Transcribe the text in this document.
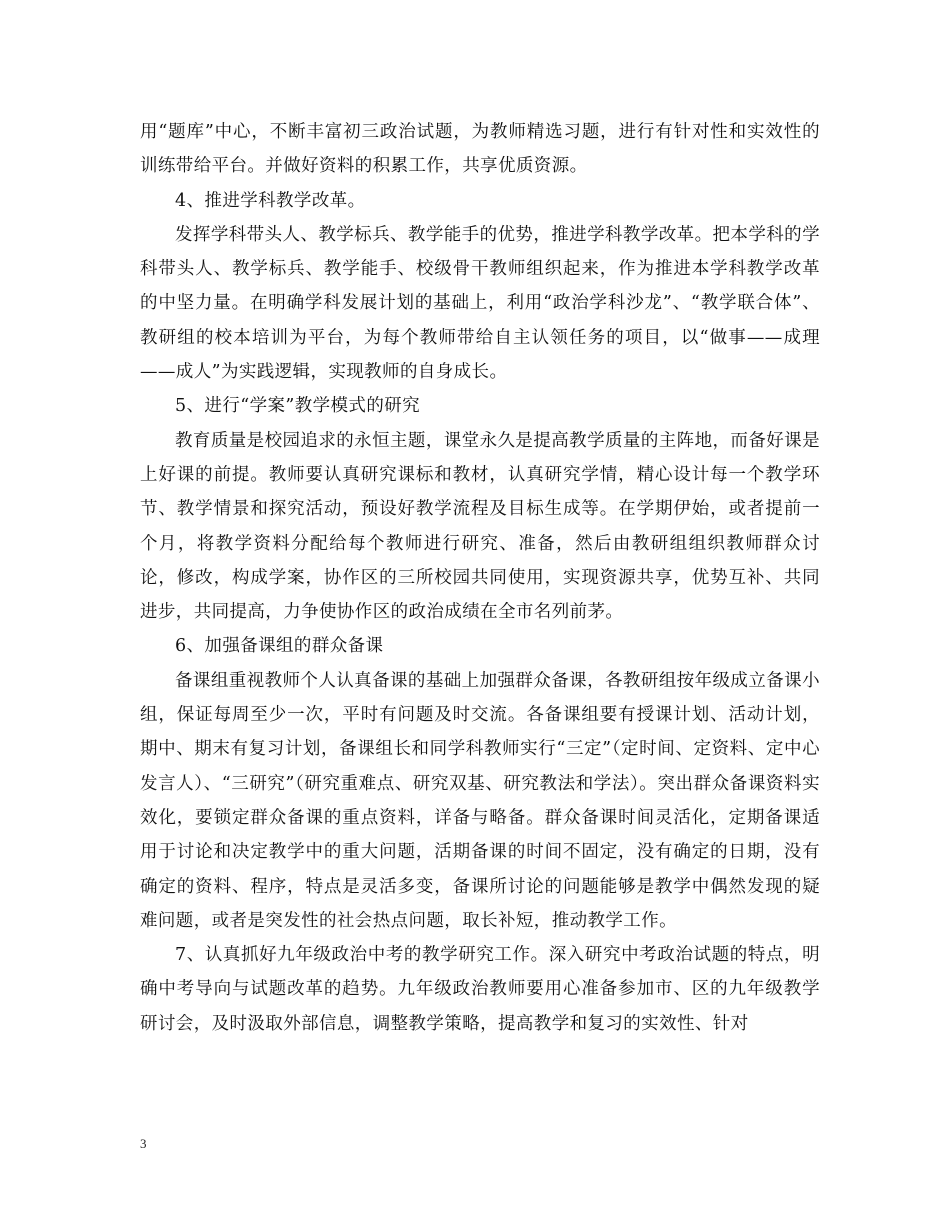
用“题库”中心，不断丰富初三政治试题，为教师精选习题，进行有针对性和实效性的训练带给平台。并做好资料的积累工作，共享优质资源。

4、推进学科教学改革。

发挥学科带头人、教学标兵、教学能手的优势，推进学科教学改革。把本学科的学科带头人、教学标兵、教学能手、校级骨干教师组织起来，作为推进本学科教学改革的中坚力量。在明确学科发展计划的基础上，利用“政治学科沙龙”、“教学联合体”、教研组的校本培训为平台，为每个教师带给自主认领任务的项目，以“做事——成理——成人”为实践逻辑，实现教师的自身成长。

5、进行“学案”教学模式的研究

教育质量是校园追求的永恒主题，课堂永久是提高教学质量的主阵地，而备好课是上好课的前提。教师要认真研究课标和教材，认真研究学情，精心设计每一个教学环节、教学情景和探究活动，预设好教学流程及目标生成等。在学期伊始，或者提前一个月，将教学资料分配给每个教师进行研究、准备，然后由教研组组织教师群众讨论，修改，构成学案，协作区的三所校园共同使用，实现资源共享，优势互补、共同进步，共同提高，力争使协作区的政治成绩在全市名列前茅。

6、加强备课组的群众备课

备课组重视教师个人认真备课的基础上加强群众备课，各教研组按年级成立备课小组，保证每周至少一次，平时有问题及时交流。各备课组要有授课计划、活动计划，期中、期末有复习计划，备课组长和同学科教师实行“三定”（定时间、定资料、定中心发言人）、“三研究”（研究重难点、研究双基、研究教法和学法）。突出群众备课资料实效化，要锁定群众备课的重点资料，详备与略备。群众备课时间灵活化，定期备课适用于讨论和决定教学中的重大问题，活期备课的时间不固定，没有确定的日期，没有确定的资料、程序，特点是灵活多变，备课所讨论的问题能够是教学中偶然发现的疑难问题，或者是突发性的社会热点问题，取长补短，推动教学工作。

7、认真抓好九年级政治中考的教学研究工作。深入研究中考政治试题的特点，明确中考导向与试题改革的趋势。九年级政治教师要用心准备参加市、区的九年级教学研讨会，及时汲取外部信息，调整教学策略，提高教学和复习的实效性、针对

3
